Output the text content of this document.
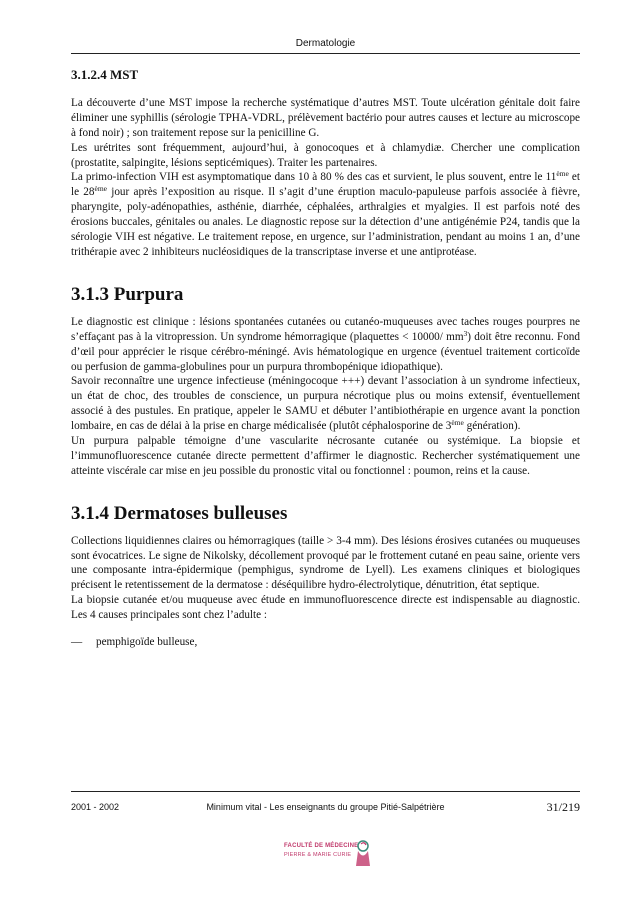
Dermatologie
3.1.2.4 MST

La découverte d’une MST impose la recherche systématique d’autres MST. Toute ulcération génitale doit faire éliminer une syphillis (sérologie TPHA-VDRL, prélèvement bactério pour autres causes et lecture au microscope à fond noir) ; son traitement repose sur la penicilline G.

Les urétrites sont fréquemment, aujourd’hui, à gonocoques et à chlamydiæ. Chercher une complication (prostatite, salpingite, lésions septicémiques). Traiter les partenaires.

La primo-infection VIH est asymptomatique dans 10 à 80 % des cas et survient, le plus souvent, entre le 11ème et le 28ème jour après l’exposition au risque. Il s’agit d’une éruption maculo-papuleuse parfois associée à fièvre, pharyngite, poly-adénopathies, asthénie, diarrhée, céphalées, arthralgies et myalgies. Il est parfois noté des érosions buccales, génitales ou anales. Le diagnostic repose sur la détection d’une antigénémie P24, tandis que la sérologie VIH est négative. Le traitement repose, en urgence, sur l’administration, pendant au moins 1 an, d’une trithérapie avec 2 inhibiteurs nucléosidiques de la transcriptase inverse et une antiprotéase.

3.1.3 Purpura

Le diagnostic est clinique : lésions spontanées cutanées ou cutanéo-muqueuses avec taches rouges pourpres ne s’effaçant pas à la vitropression. Un syndrome hémorragique (plaquettes < 10000/ $mm^3$) doit être reconnu. Fond d’œil pour apprécier le risque cérébro-méningé. Avis hématologique en urgence (éventuel traitement corticoïde ou perfusion de gamma-globulines pour un purpura thrombopénique idiopathique).

Savoir reconnaître une urgence infectieuse (méningocoque +++) devant l’association à un syndrome infectieux, un état de choc, des troubles de conscience, un purpura nécrotique plus ou moins extensif, éventuellement associé à des pustules. En pratique, appeler le SAMU et débuter l’antibiothérapie en urgence avant la ponction lombaire, en cas de délai à la prise en charge médicalisée (plutôt céphalosporine de 3ème génération).

Un purpura palpable témoigne d’une vascularite nécrosante cutanée ou systémique. La biopsie et l’immunofluorescence cutanée directe permettent d’affirmer le diagnostic. Rechercher systématiquement une atteinte viscérale car mise en jeu possible du pronostic vital ou fonctionnel : poumon, reins et la cause.

3.1.4 Dermatoses bulleuses

Collections liquidiennes claires ou hémorragiques (taille > 3-4 mm). Des lésions érosives cutanées ou muqueuses sont évocatrices. Le signe de Nikolsky, décollement provoqué par le frottement cutané en peau saine, oriente vers une composante intra-épidermique (pemphigus, syndrome de Lyell). Les examens cliniques et biologiques précisent le retentissement de la dermatose : déséquilibre hydro-électrolytique, dénutrition, état septique.

La biopsie cutanée et/ou muqueuse avec étude en immunofluorescence directe est indispensable au diagnostic. Les 4 causes principales sont chez l’adulte :

—	pemphigoïde bulleuse,
2001 - 2002	Minimum vital - Les enseignants du groupe Pitié-Salpétrière	31/219
FACULTÉ DE MÉDECINE
PIERRE & MARIE CURIE
